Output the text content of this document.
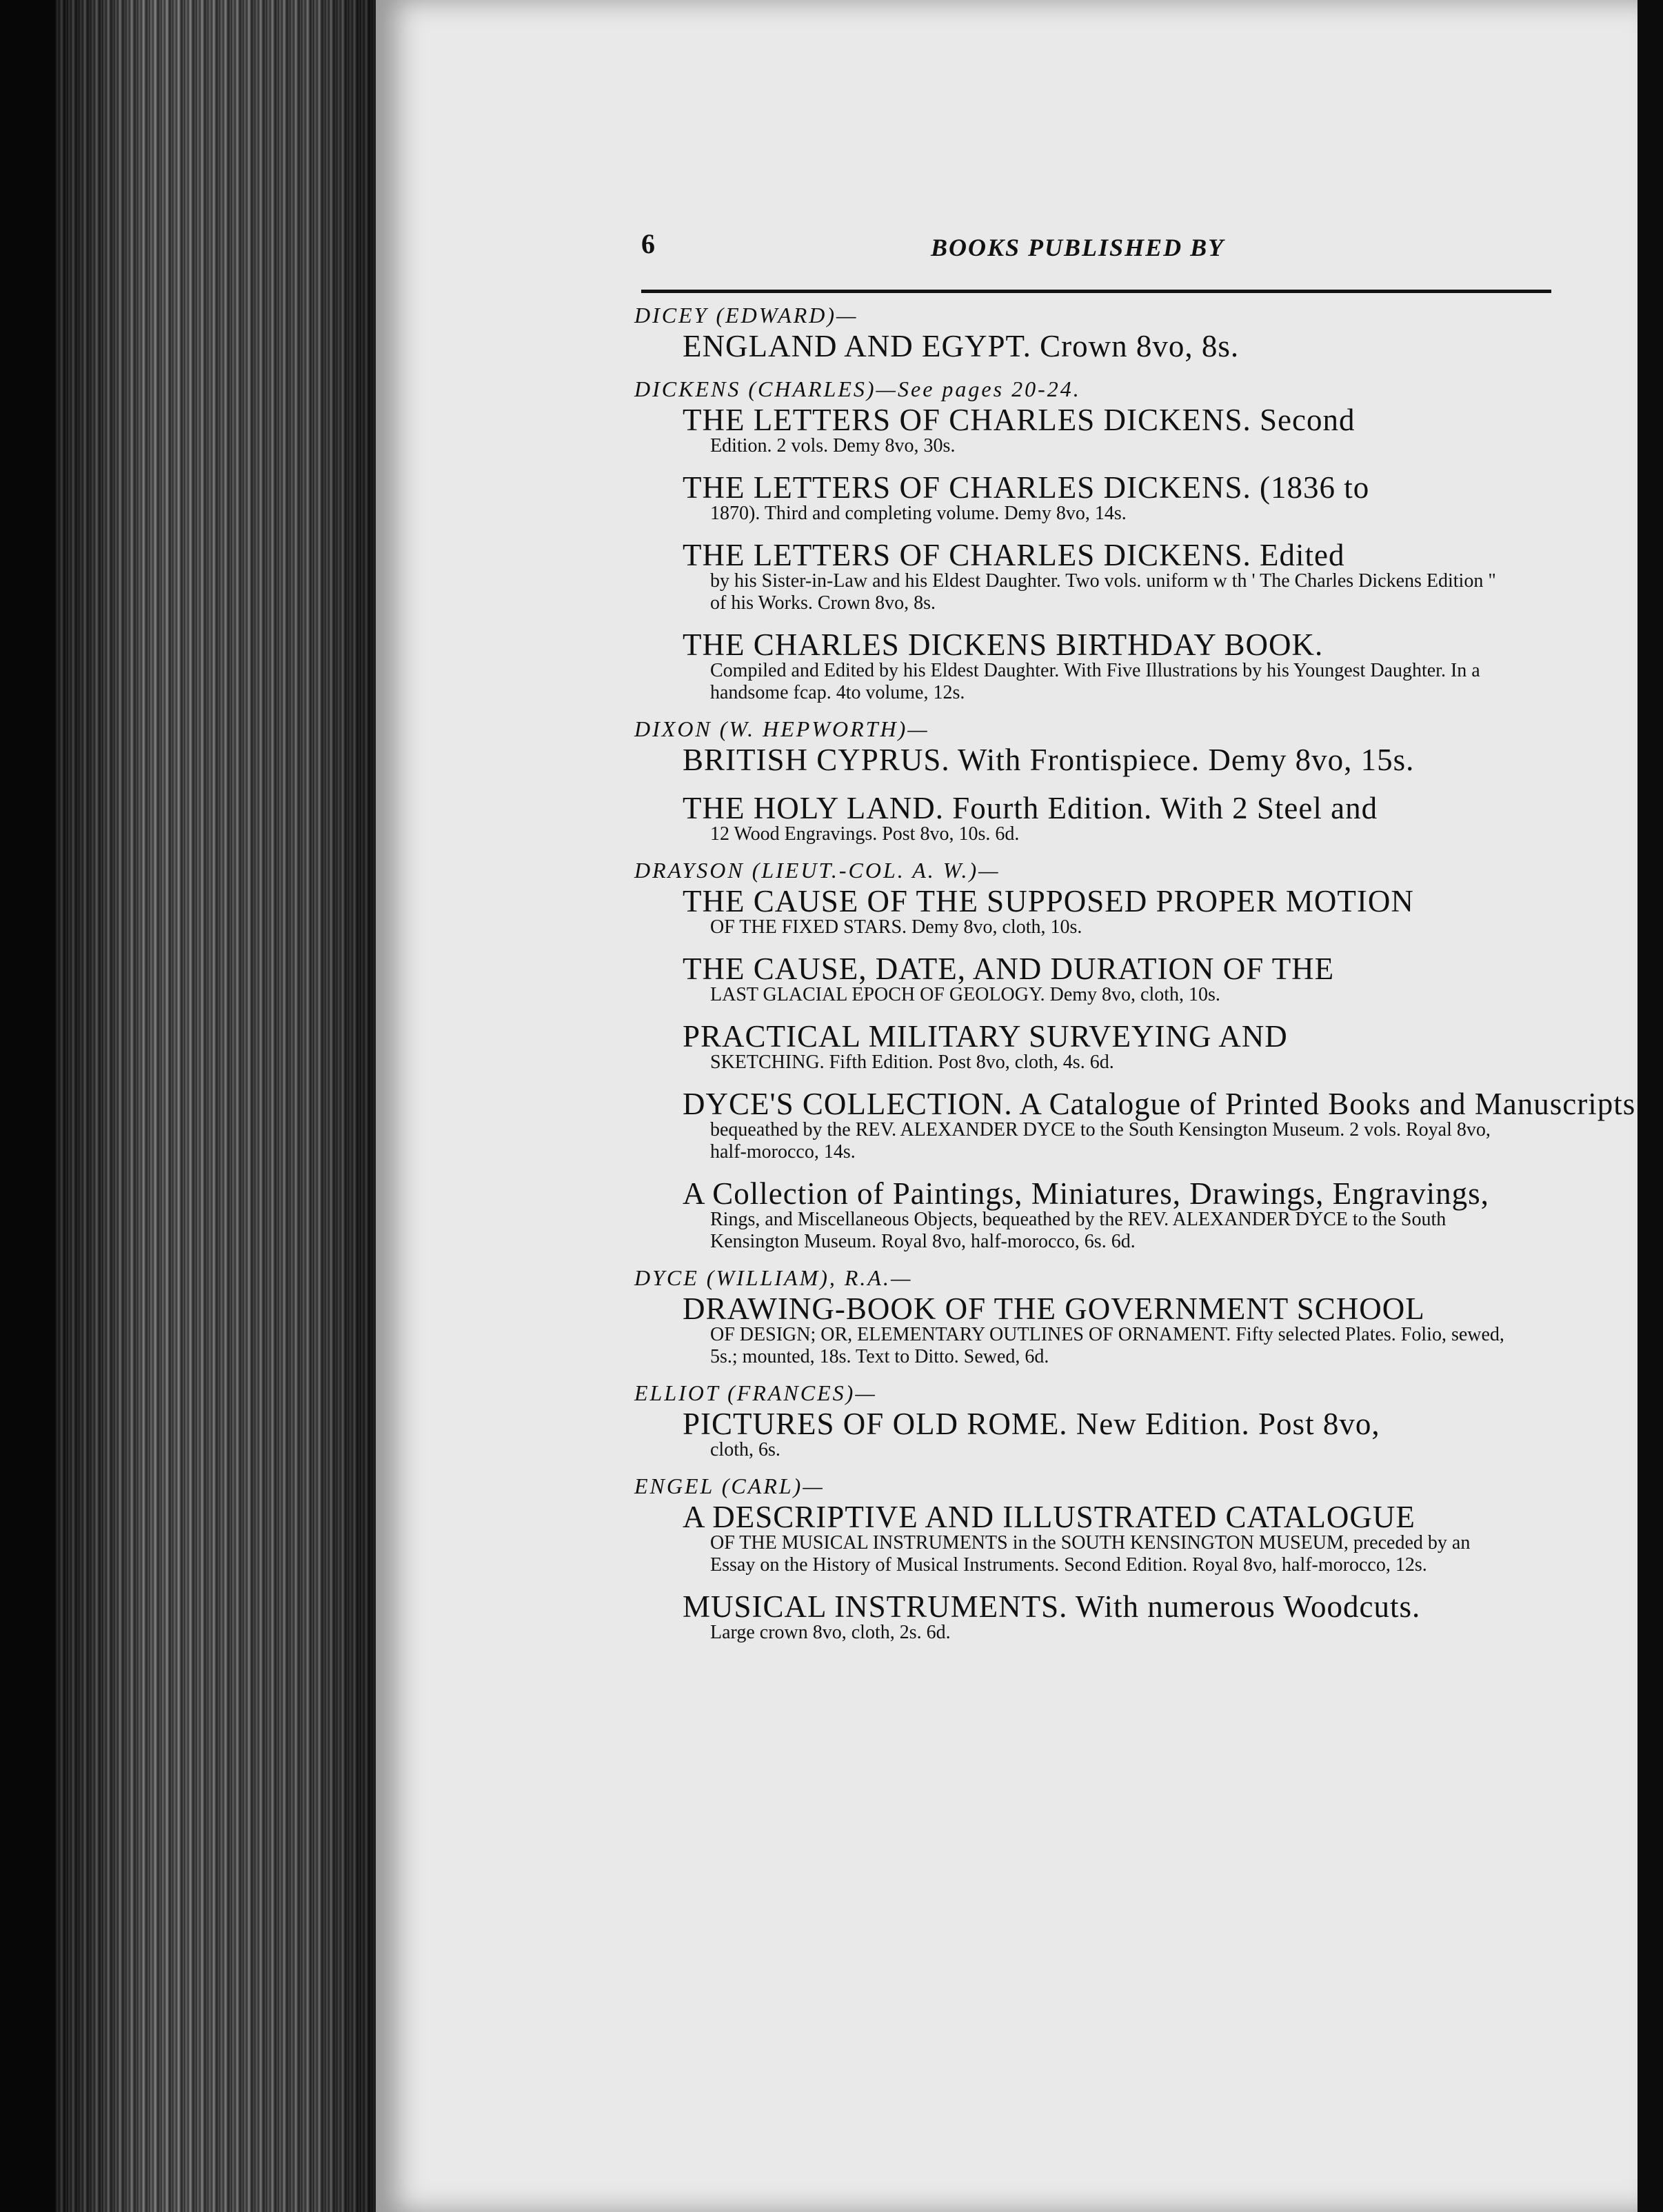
6	BOOKS PUBLISHED BY
DICEY (EDWARD)—
ENGLAND AND EGYPT. Crown 8vo, 8s.
DICKENS (CHARLES)—See pages 20-24.
THE LETTERS OF CHARLES DICKENS. Second
Edition. 2 vols. Demy 8vo, 30s.
THE LETTERS OF CHARLES DICKENS. (1836 to
1870). Third and completing volume. Demy 8vo, 14s.
THE LETTERS OF CHARLES DICKENS. Edited
by his Sister-in-Law and his Eldest Daughter. Two vols. uniform w th ' The Charles Dickens Edition " of his Works. Crown 8vo, 8s.
THE CHARLES DICKENS BIRTHDAY BOOK.
Compiled and Edited by his Eldest Daughter. With Five Illustrations by his Youngest Daughter. In a handsome fcap. 4to volume, 12s.
DIXON (W. HEPWORTH)—
BRITISH CYPRUS. With Frontispiece. Demy 8vo, 15s.
THE HOLY LAND. Fourth Edition. With 2 Steel and
12 Wood Engravings. Post 8vo, 10s. 6d.
DRAYSON (LIEUT.-COL. A. W.)—
THE CAUSE OF THE SUPPOSED PROPER MOTION
OF THE FIXED STARS. Demy 8vo, cloth, 10s.
THE CAUSE, DATE, AND DURATION OF THE
LAST GLACIAL EPOCH OF GEOLOGY. Demy 8vo, cloth, 10s.
PRACTICAL MILITARY SURVEYING AND
SKETCHING. Fifth Edition. Post 8vo, cloth, 4s. 6d.
DYCE'S COLLECTION. A Catalogue of Printed Books and Manuscripts
bequeathed by the REV. ALEXANDER DYCE to the South Kensington Museum. 2 vols. Royal 8vo, half-morocco, 14s.
A Collection of Paintings, Miniatures, Drawings, Engravings,
Rings, and Miscellaneous Objects, bequeathed by the REV. ALEXANDER DYCE to the South Kensington Museum. Royal 8vo, half-morocco, 6s. 6d.
DYCE (WILLIAM), R.A.—
DRAWING-BOOK OF THE GOVERNMENT SCHOOL
OF DESIGN; OR, ELEMENTARY OUTLINES OF ORNAMENT. Fifty selected Plates. Folio, sewed, 5s.; mounted, 18s. Text to Ditto. Sewed, 6d.
ELLIOT (FRANCES)—
PICTURES OF OLD ROME. New Edition. Post 8vo,
cloth, 6s.
ENGEL (CARL)—
A DESCRIPTIVE AND ILLUSTRATED CATALOGUE
OF THE MUSICAL INSTRUMENTS in the SOUTH KENSINGTON MUSEUM, preceded by an Essay on the History of Musical Instruments. Second Edition. Royal 8vo, half-morocco, 12s.
MUSICAL INSTRUMENTS. With numerous Woodcuts.
Large crown 8vo, cloth, 2s. 6d.
